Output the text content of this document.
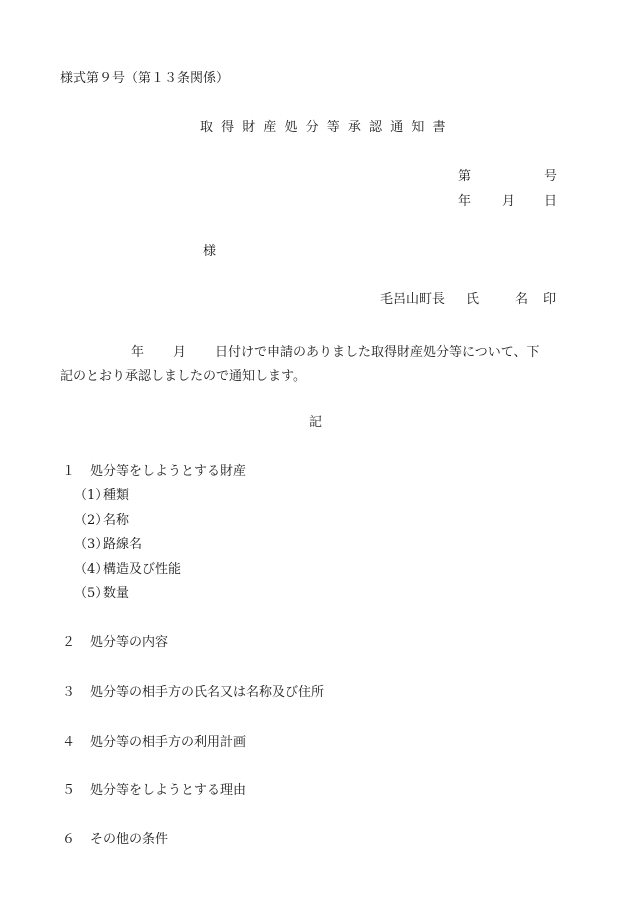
様式第９号（第１３条関係）
取 得 財 産 処 分 等 承 認 通 知 書
第	号
年 月 日
様
毛呂山町長 氏	名 印
年 月 日付けで申請のありました取得財産処分等について、下
記のとおり承認しましたので通知します。
記
１ 処分等をしようとする財産
（1）
種類
（2）
名称
（3）
路線名
（4）
構造及び性能
（5）
数量
２ 処分等の内容
３ 処分等の相手方の氏名又は名称及び住所
４ 処分等の相手方の利用計画
５ 処分等をしようとする理由
６ その他の条件
